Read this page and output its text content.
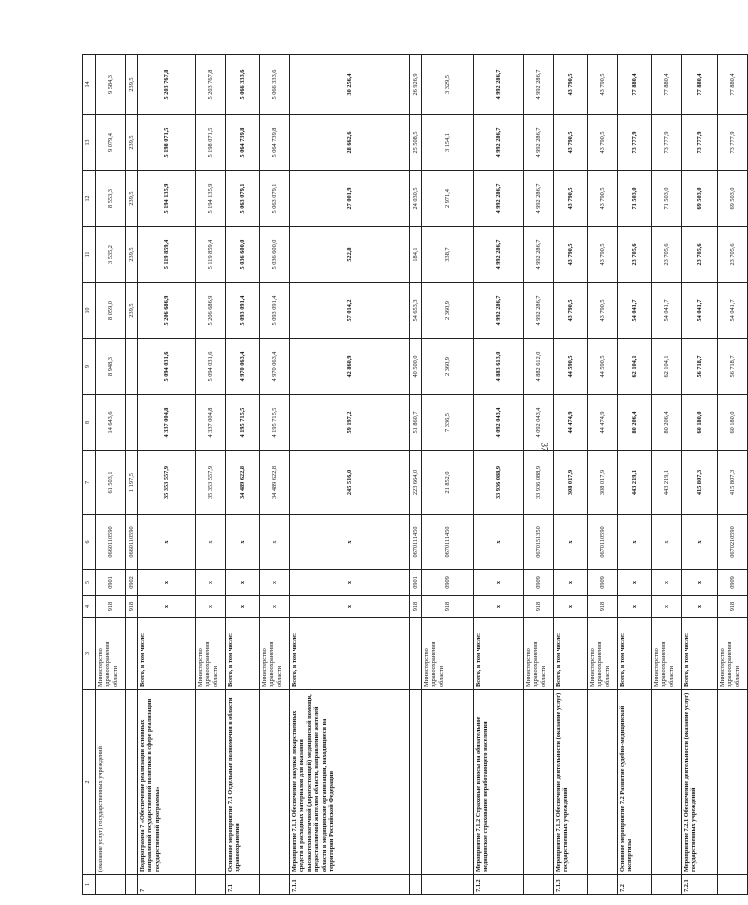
37
1	2	3	4	5	6	7	8	9	10	11	12	13	14
	(оказание услуг) государственных учреждений	Министерство здравоохранения области	918	0901	0660110590	61 503,1	14 643,6	8 948,3	8 059,0	3 535,2	8 553,3	9 079,4	9 584,3
			918	0902	0660110590	1 197,5			239,5	239,5	239,5	239,5	239,5
7	Подпрограмма 7 «Обеспечение реализации основных направлений государственной политики в сфере реализации государственной программы»	Всего, в том числе:	x	x	x	35 353 557,9	4 337 004,8	5 094 031,6	5 206 686,9	5 119 859,4	5 194 135,9	5 198 071,5	5 203 767,8
		Министерство здравоохранения области	x	x	x	35 353 557,9	4 337 004,8	5 094 031,6	5 206 686,9	5 119 859,4	5 194 135,9	5 198 071,5	5 203 767,8
7.1	Основное мероприятие 7.1 Отдельные полномочия в области здравоохранения	Всего, в том числе:	x	x	x	34 489 622,8	4 195 715,5	4 970 063,4	5 093 091,4	5 036 600,0	5 063 079,1	5 064 739,8	5 066 333,6
		Министерство здравоохранения области	x	x	x	34 489 622,8	4 195 715,5	4 970 063,4	5 093 091,4	5 036 600,0	5 063 079,1	5 064 739,8	5 066 333,6
7.1.1	Мероприятие 7.1.1 Обеспечение закупки лекарственных средств и расходных материалов для оказания высокотехнологичной (дорогостоящей) медицинской помощи, предоставляемой жителям области, направление жителей области в медицинские организации, находящиеся на территории Российской Федерации	Всего, в том числе:	x	x	x	245 516,0	59 197,2	42 860,9	57 014,2	522,8	27 001,9	28 662,6	30 256,4
			918	0901	0670111450	223 664,0	51 860,7	40 500,0	54 653,3	184,1	24 030,5	25 508,5	26 926,9
		Министерство здравоохранения области	918	0909	0670111450	21 852,0	7 336,5	2 360,9	2 360,9	338,7	2 971,4	3 154,1	3 329,5
7.1.2	Мероприятие 7.1.2 Страховые взносы на обязательное медицинское страхование неработающего населения	Всего, в том числе:	x	x	x	33 936 088,9	4 092 043,4	4 883 613,0	4 992 286,7	4 992 286,7	4 992 286,7	4 992 286,7	4 992 286,7
		Министерство здравоохранения области	918	0909	0670151350	33 936 088,9	4 092 043,4	4 882 612,0	4 992 286,7	4 992 286,7	4 992 286,7	4 992 286,7	4 992 286,7
7.1.3	Мероприятие 7.1.3 Обеспечение деятельности (оказание услуг) государственных учреждений	Всего, в том числе:	x	x	x	308 017,9	44 474,9	44 590,5	43 790,5	43 790,5	43 790,5	43 790,5	43 790,5
		Министерство здравоохранения области	918	0909	0670110590	308 017,9	44 474,9	44 590,5	43 790,5	43 790,5	43 790,5	43 790,5	43 790,5
7.2	Основное мероприятие 7.2 Развитие судебно-медицинской экспертизы	Всего, в том числе:	x	x	x	443 219,1	80 206,4	62 104,1	54 041,7	23 705,6	71 503,0	73 777,9	77 880,4
		Министерство здравоохранения области	x	x	x	443 219,1	80 206,4	62 104,1	54 041,7	23 705,6	71 503,0	73 777,9	77 880,4
7.2.1	Мероприятие 7.2.1 Обеспечение деятельности (оказание услуг) государственных учреждений	Всего, в том числе:	x	x	x	415 807,3	60 180,0	56 718,7	54 041,7	23 705,6	69 503,0	73 777,9	77 880,4
		Министерство здравоохранения области	918	0909	0670210590	415 807,3	60 180,0	56 718,7	54 041,7	23 705,6	69 503,0	73 777,9	77 880,4
